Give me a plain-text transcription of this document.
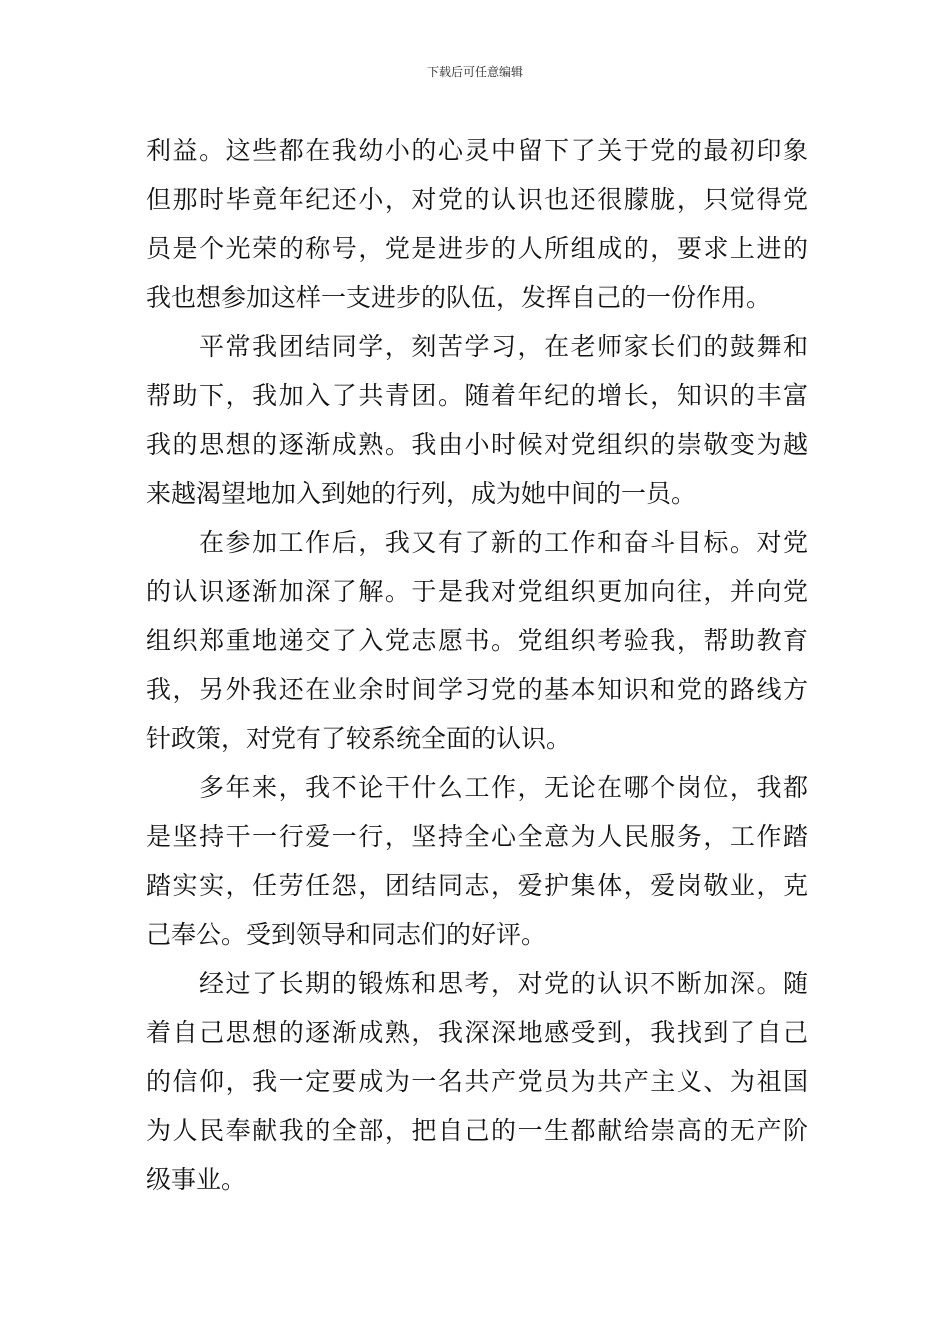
下载后可任意编辑
利益。这些都在我幼小的心灵中留下了关于党的最初印象
但那时毕竟年纪还小，对党的认识也还很朦胧，只觉得党
员是个光荣的称号，党是进步的人所组成的，要求上进的
我也想参加这样一支进步的队伍，发挥自己的一份作用。
平常我团结同学，刻苦学习，在老师家长们的鼓舞和
帮助下，我加入了共青团。随着年纪的增长，知识的丰富
我的思想的逐渐成熟。我由小时候对党组织的崇敬变为越
来越渴望地加入到她的行列，成为她中间的一员。
在参加工作后，我又有了新的工作和奋斗目标。对党
的认识逐渐加深了解。于是我对党组织更加向往，并向党
组织郑重地递交了入党志愿书。党组织考验我，帮助教育
我，另外我还在业余时间学习党的基本知识和党的路线方
针政策，对党有了较系统全面的认识。
多年来，我不论干什么工作，无论在哪个岗位，我都
是坚持干一行爱一行，坚持全心全意为人民服务，工作踏
踏实实，任劳任怨，团结同志，爱护集体，爱岗敬业，克
己奉公。受到领导和同志们的好评。
经过了长期的锻炼和思考，对党的认识不断加深。随
着自己思想的逐渐成熟，我深深地感受到，我找到了自己
的信仰，我一定要成为一名共产党员为共产主义、为祖国
为人民奉献我的全部，把自己的一生都献给崇高的无产阶
级事业。
